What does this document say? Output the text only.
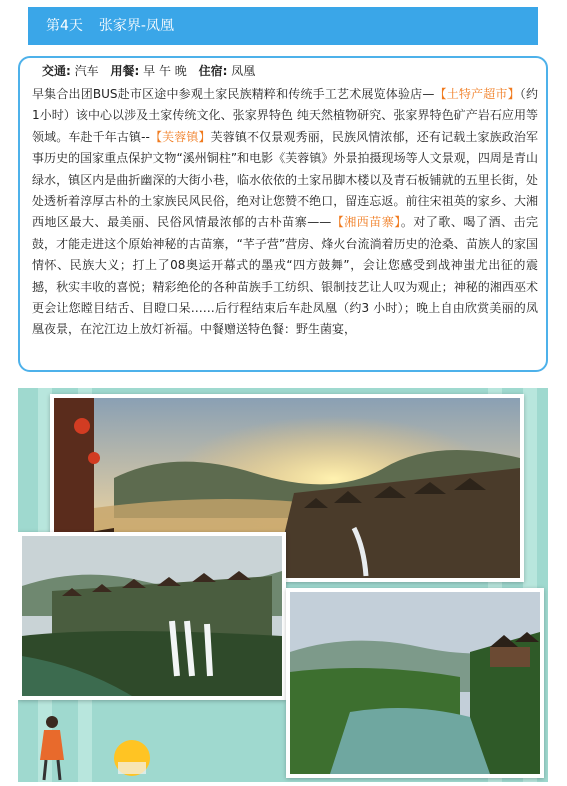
第4天 张家界-凤凰
交通: 汽车 用餐: 早 午 晚 住宿: 凤凰

早集合出团BUS赴市区途中参观土家民族精粹和传统手工艺术展览体验店—【土特产超市】（约1小时）该中心以涉及土家传统文化、张家界特色 纯天然植物研究、张家界特色矿产岩石应用等领域。车赴千年古镇--【芙蓉镇】芙蓉镇不仅景观秀丽，民族风情浓郁，还有记载土家族政治军事历史的国家重点保护文物“溪州铜柱”和电影《芙蓉镇》外景拍摄现场等人文景观，四周是青山绿水，镇区内是曲折幽深的大街小巷，临水依依的土家吊脚木楼以及青石板铺就的五里长街，处处透析着淳厚古朴的土家族民风民俗，绝对让您赞不绝口，留连忘返。前往宋祖英的家乡、大湘西地区最大、最美丽、民俗风情最浓郁的古朴苗寨——【湘西苗寨】。对了歌、喝了酒、击完鼓，才能走进这个原始神秘的古苗寨，“芊子营”营房、烽火台流淌着历史的沧桑、苗族人的家国情怀、民族大义；打上了08奥运开幕式的墨戎“四方鼓舞”，会让您感受到战神蚩尤出征的震撼，秋实丰收的喜悦；精彩绝伦的各种苗族手工纺织、银制技艺让人叹为观止；神秘的湘西巫术更会让您瞠目结舌、目瞪口呆……后行程结束后车赴凤凰（约3 小时）；晚上自由欣赏美丽的凤凰夜景，在沱江边上放灯祈福。中餐赠送特色餐：野生菌宴，
